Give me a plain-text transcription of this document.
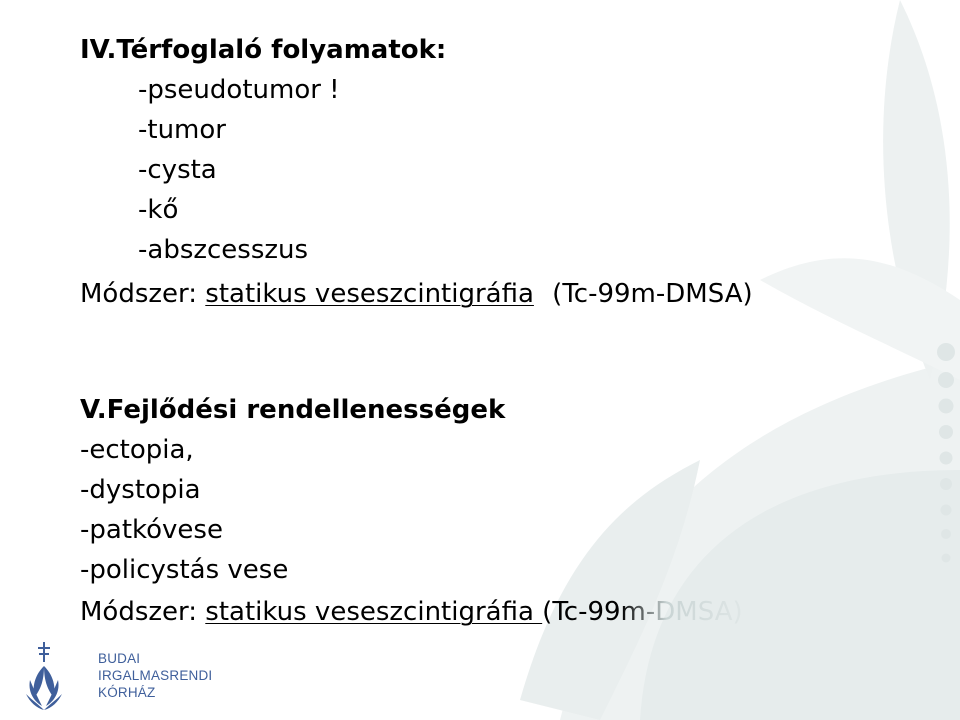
IV.Térfoglaló folyamatok:
-pseudotumor !
-tumor
-cysta
-kő
-abszcesszus
Módszer: statikus veseszcintigráfia (Tc-99m-DMSA)
V.Fejlődési rendellenességek
-ectopia,
-dystopia
-patkóvese
-policystás vese
Módszer: statikus veseszcintigráfia (Tc-99m-DMSA)
BUDAI
IRGALMASRENDI
KÓRHÁZ
